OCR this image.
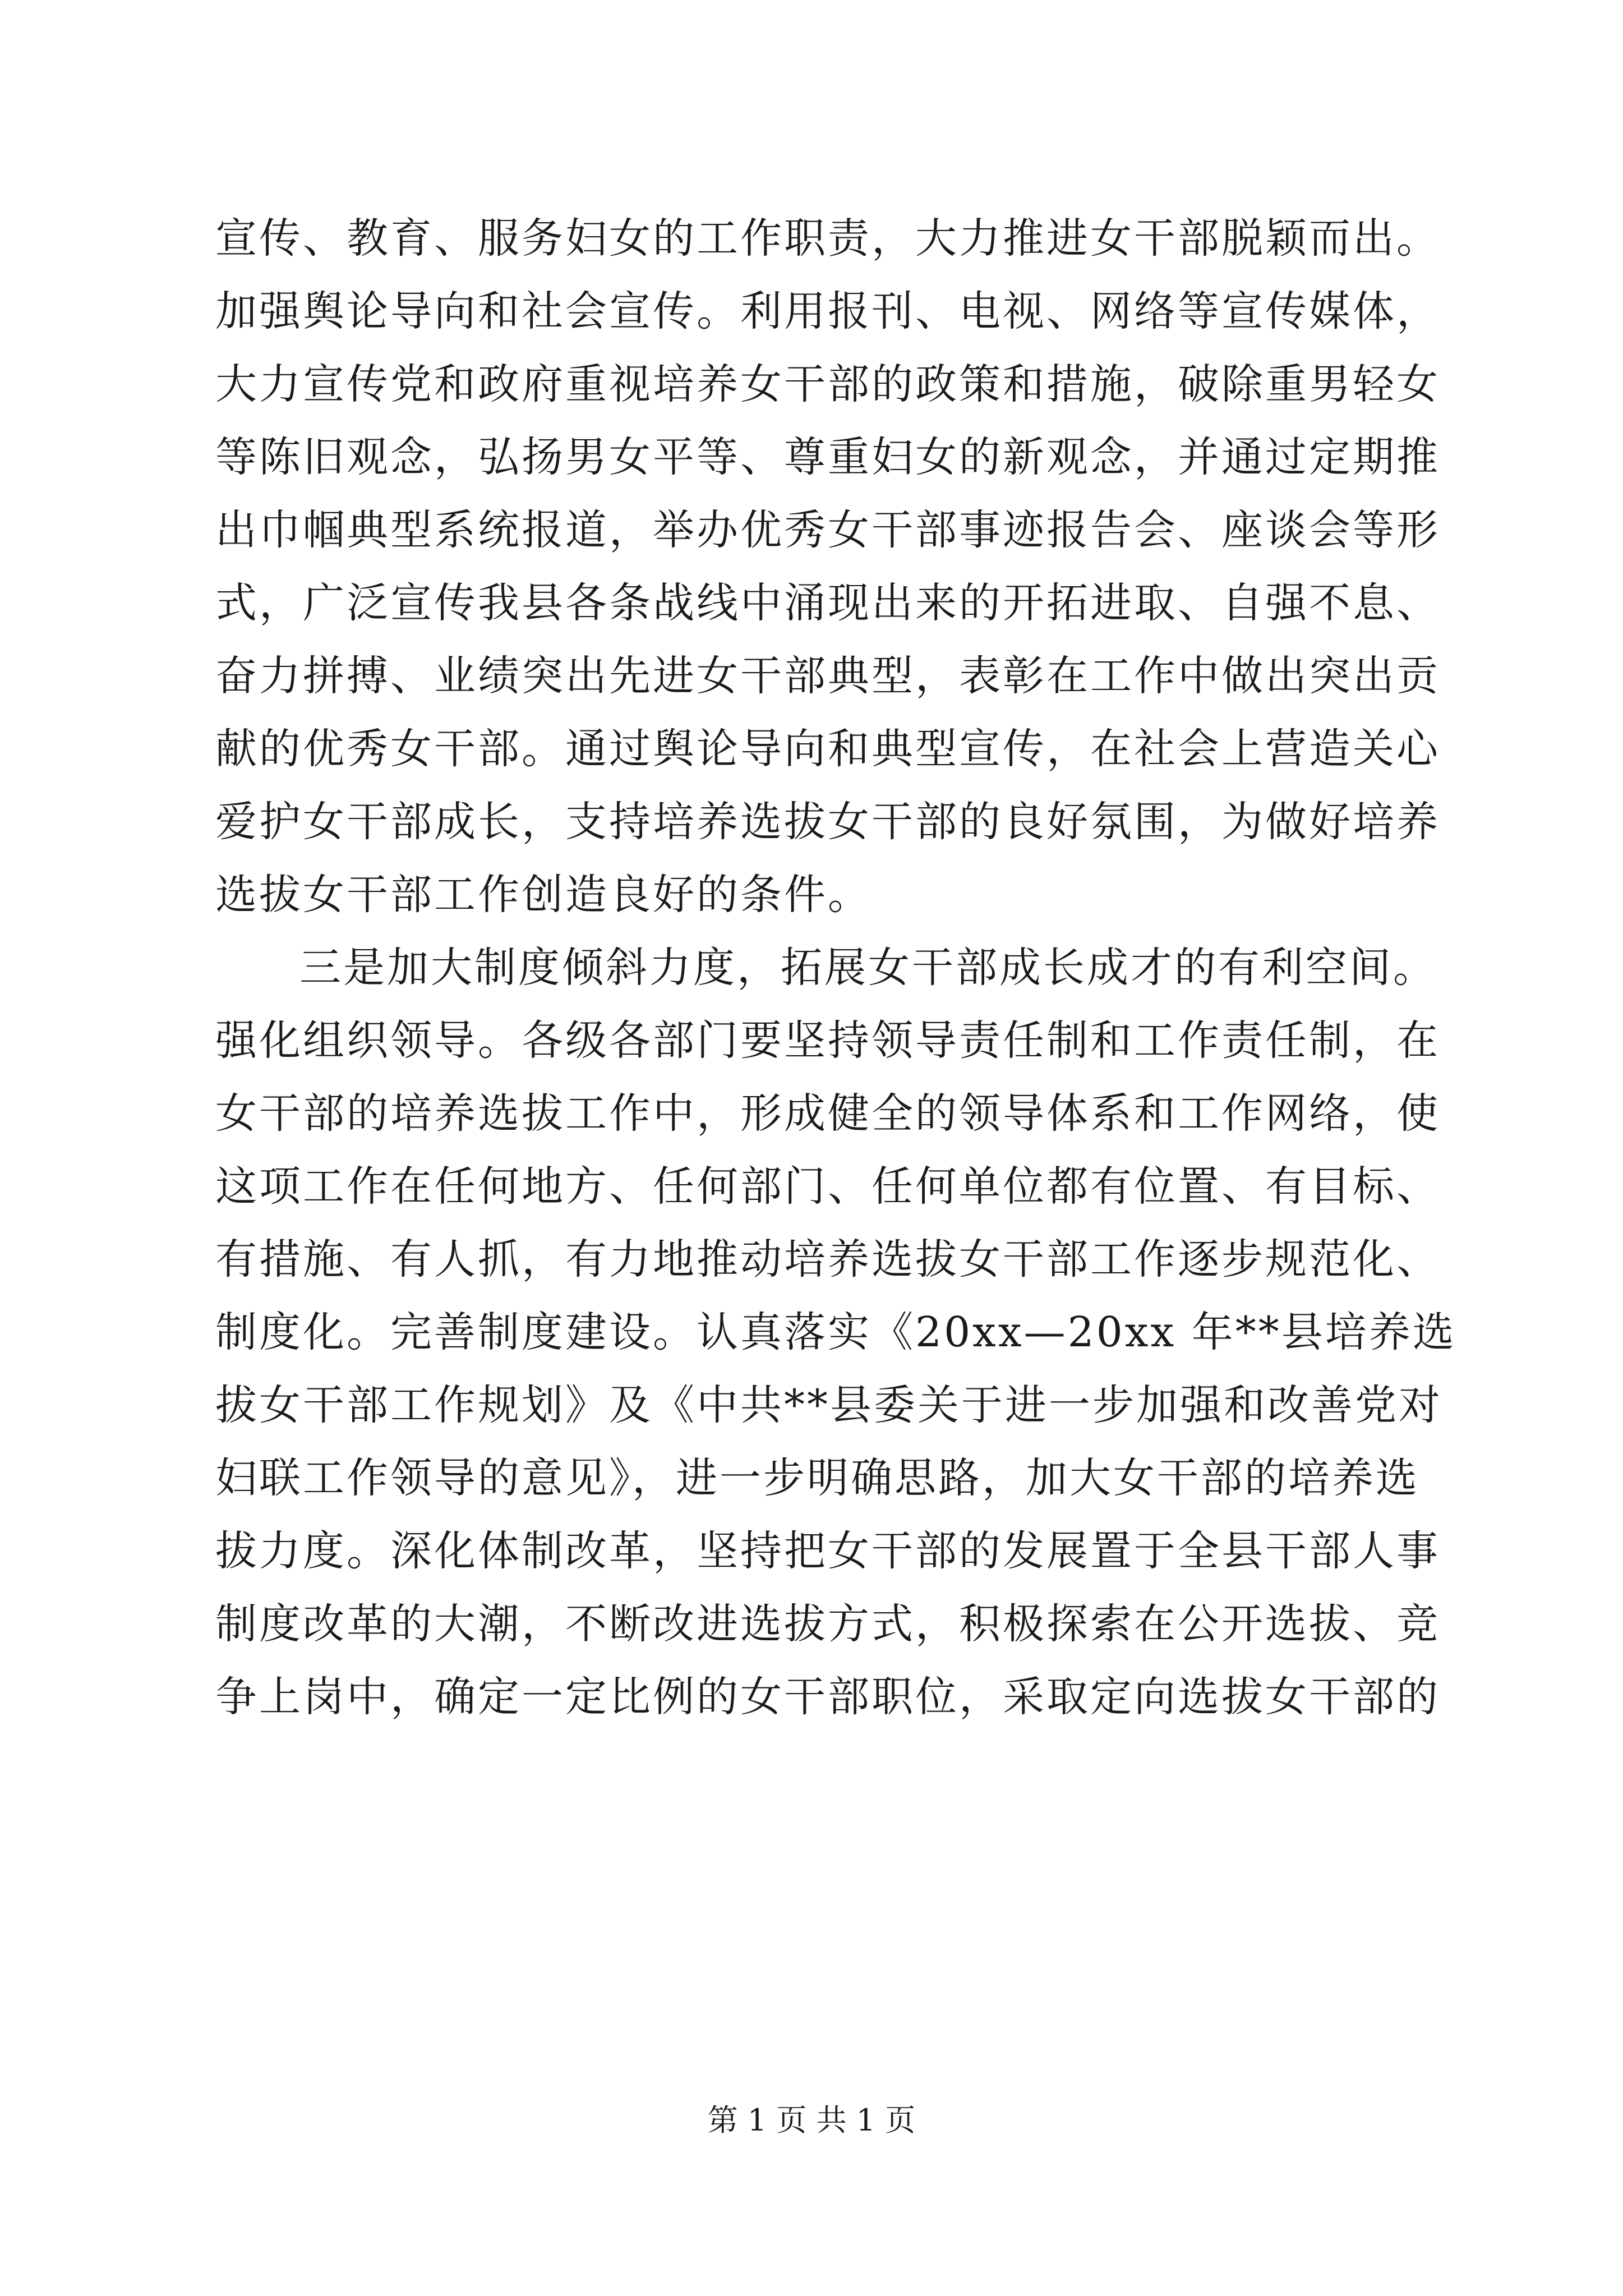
宣传、教育、服务妇女的工作职责，大力推进女干部脱颖而出。
加强舆论导向和社会宣传。利用报刊、电视、网络等宣传媒体，
大力宣传党和政府重视培养女干部的政策和措施，破除重男轻女
等陈旧观念，弘扬男女平等、尊重妇女的新观念，并通过定期推
出巾帼典型系统报道，举办优秀女干部事迹报告会、座谈会等形
式，广泛宣传我县各条战线中涌现出来的开拓进取、自强不息、
奋力拼搏、业绩突出先进女干部典型，表彰在工作中做出突出贡
献的优秀女干部。通过舆论导向和典型宣传，在社会上营造关心
爱护女干部成长，支持培养选拔女干部的良好氛围，为做好培养
选拔女干部工作创造良好的条件。
三是加大制度倾斜力度，拓展女干部成长成才的有利空间。
强化组织领导。各级各部门要坚持领导责任制和工作责任制，在
女干部的培养选拔工作中，形成健全的领导体系和工作网络，使
这项工作在任何地方、任何部门、任何单位都有位置、有目标、
有措施、有人抓，有力地推动培养选拔女干部工作逐步规范化、
制度化。完善制度建设。认真落实《20xx—20xx 年**县培养选
拔女干部工作规划》及《中共**县委关于进一步加强和改善党对
妇联工作领导的意见》，进一步明确思路，加大女干部的培养选
拔力度。深化体制改革，坚持把女干部的发展置于全县干部人事
制度改革的大潮，不断改进选拔方式，积极探索在公开选拔、竞
争上岗中，确定一定比例的女干部职位，采取定向选拔女干部的
第 1 页 共 1 页
